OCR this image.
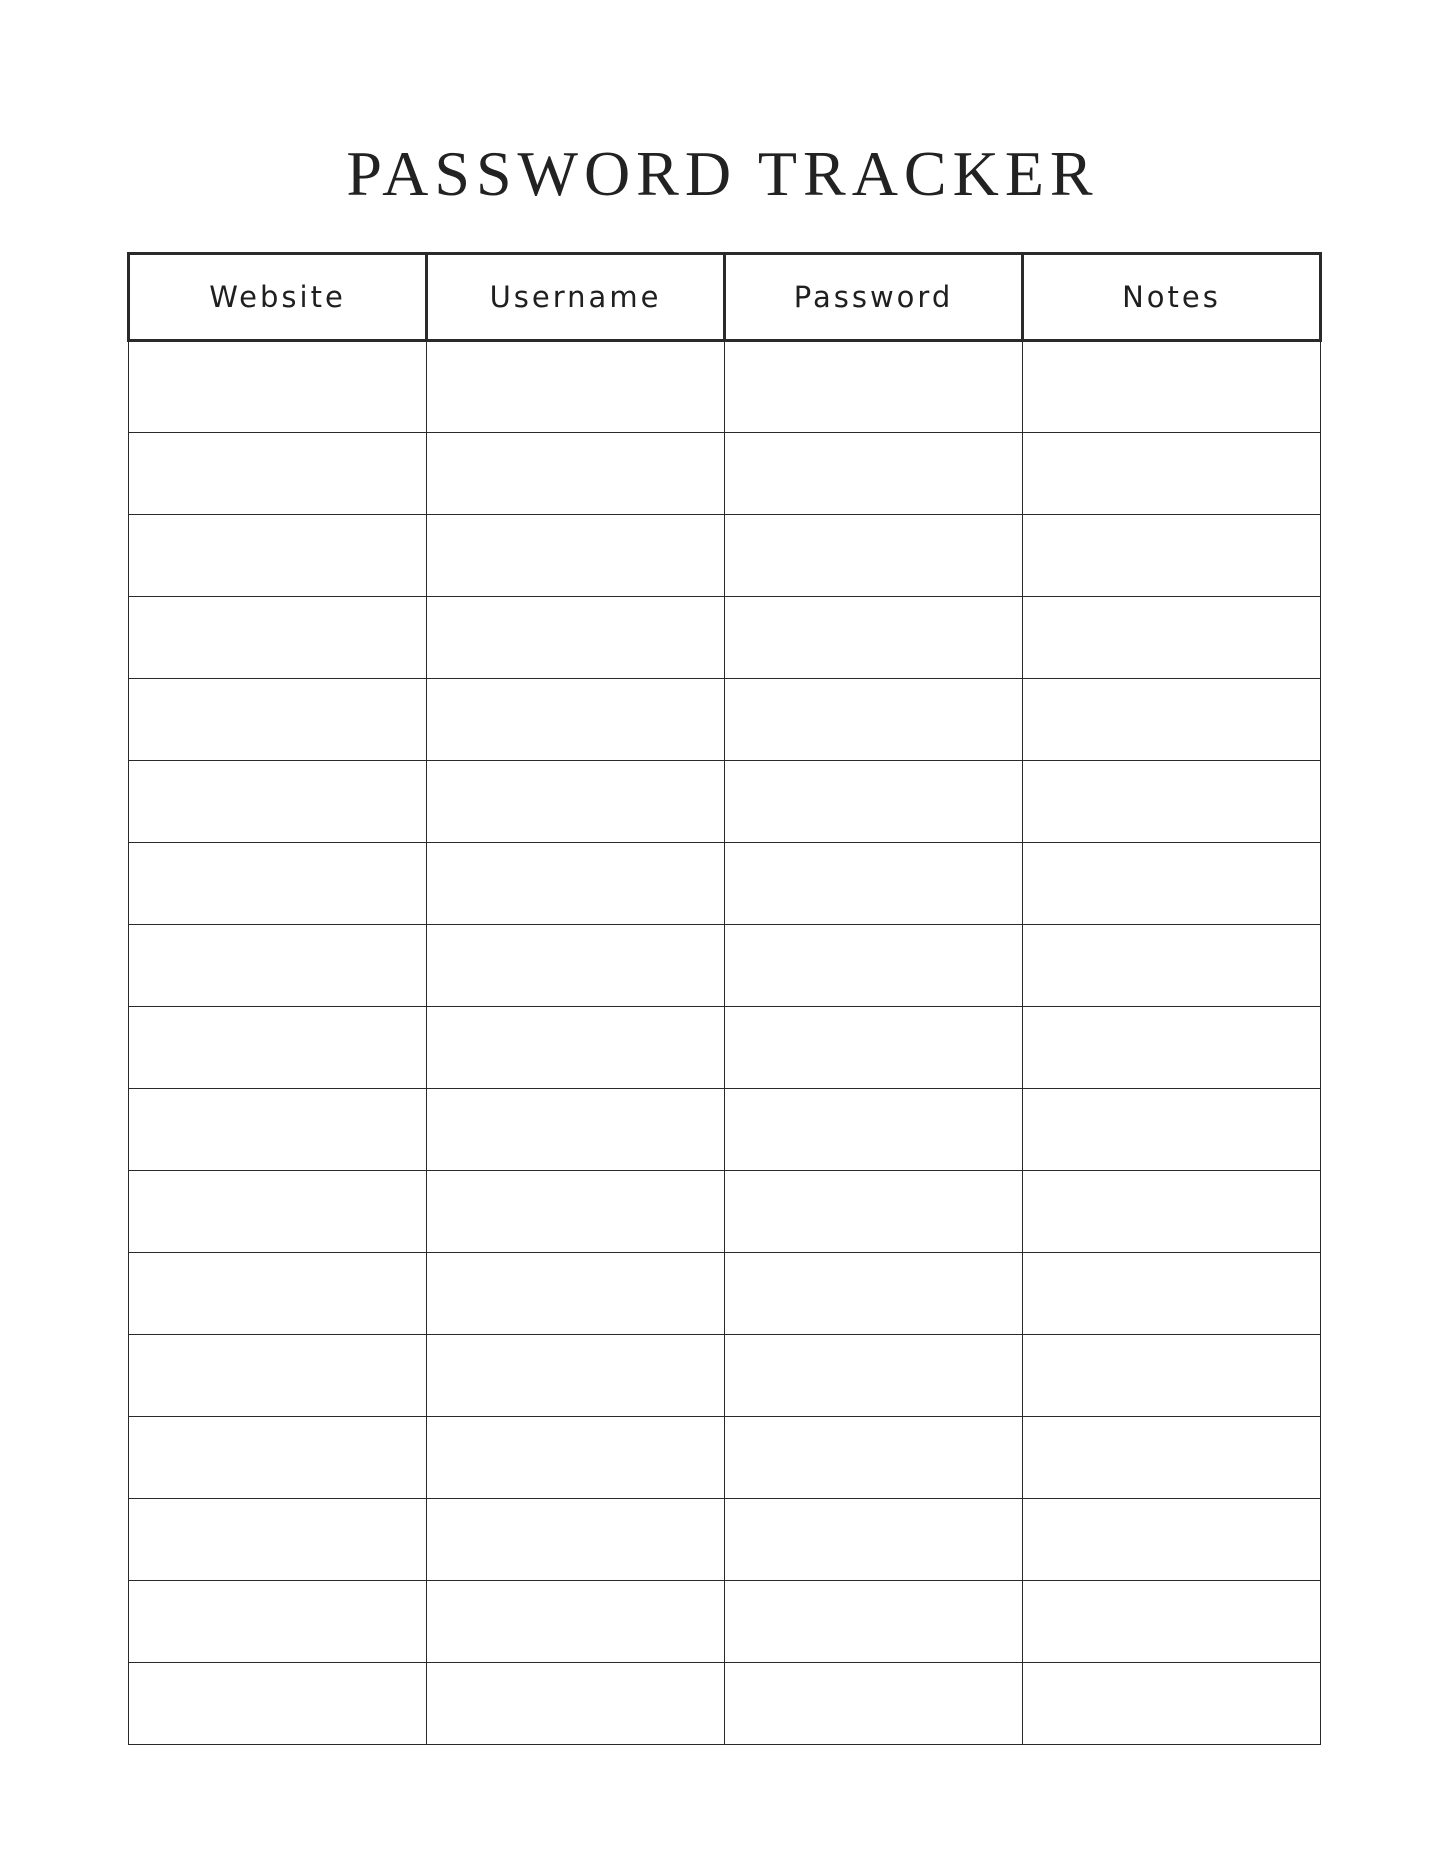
PASSWORD TRACKER
Website	Username	Password	Notes
